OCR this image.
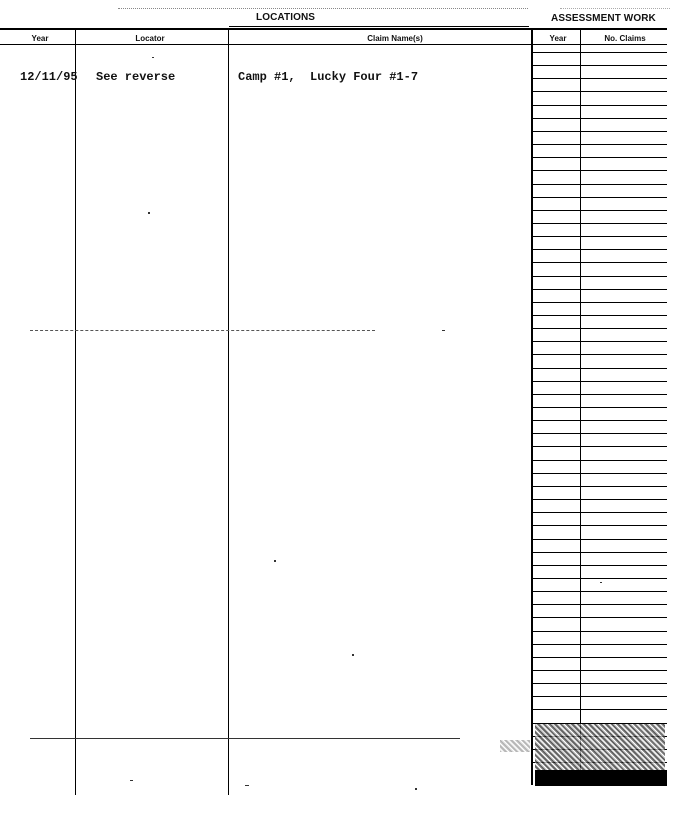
LOCATIONS	ASSESSMENT WORK
Year	Locator	Claim Name(s)	Year	No. Claims
12/11/95 See reverse	Camp #1,  Lucky Four #1-7
